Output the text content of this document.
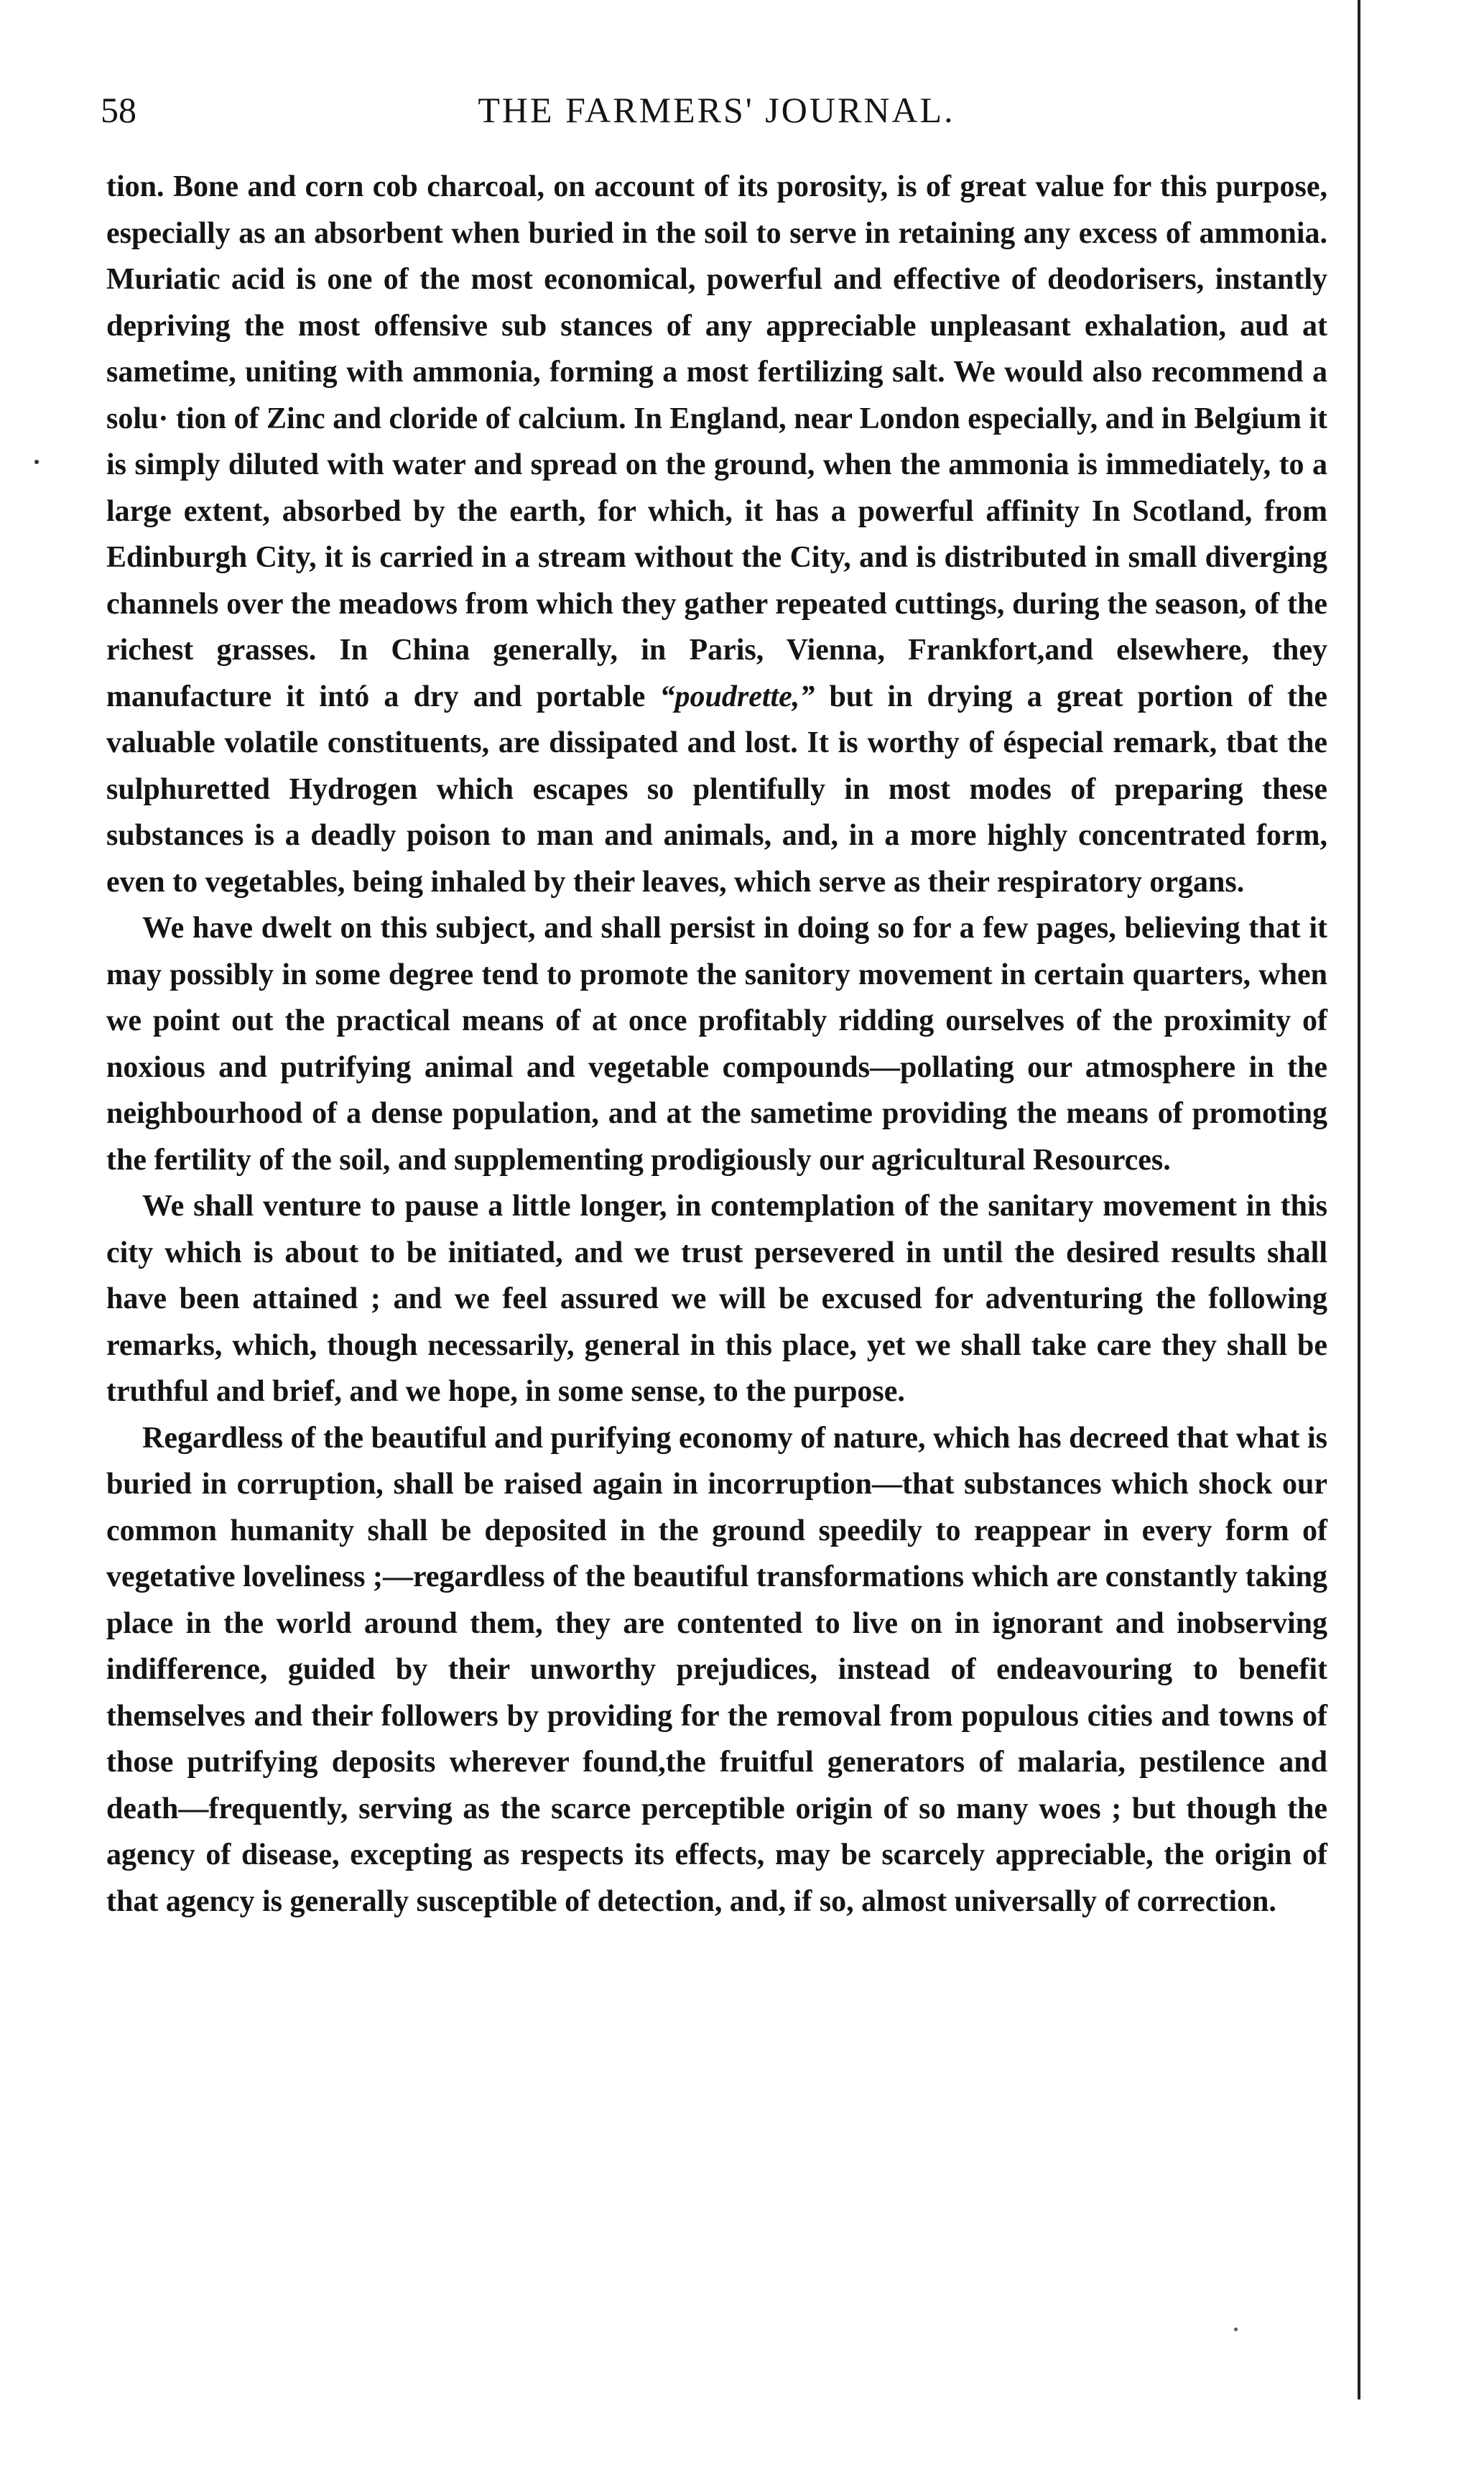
58	THE FARMERS' JOURNAL.

tion. Bone and corn cob charcoal, on account of its porosity, is of great value for this purpose, especially as an absorbent when buried in the soil to serve in retaining any excess of ammonia. Muriatic acid is one of the most economical, powerful and effective of deodorisers, instantly depriving the most offensive sub stances of any appreciable unpleasant exhalation, aud at sametime, uniting with ammonia, forming a most fertilizing salt. We would also recommend a solu· tion of Zinc and cloride of calcium. In England, near London especially, and in Belgium it is simply diluted with water and spread on the ground, when the ammonia is immediately, to a large extent, absorbed by the earth, for which, it has a powerful affinity In Scotland, from Edinburgh City, it is carried in a stream without the City, and is distributed in small diverging channels over the meadows from which they gather repeated cuttings, during the season, of the richest grasses. In China generally, in Paris, Vienna, Frankfort,and elsewhere, they manufacture it intó a dry and portable “poudrette,” but in drying a great portion of the valuable volatile constituents, are dissipated and lost. It is worthy of éspecial remark, tbat the sulphuretted Hydrogen which escapes so plentifully in most modes of preparing these substances is a deadly poison to man and animals, and, in a more highly concentrated form, even to vegetables, being inhaled by their leaves, which serve as their respiratory organs.

We have dwelt on this subject, and shall persist in doing so for a few pages, believing that it may possibly in some degree tend to promote the sanitory movement in certain quarters, when we point out the practical means of at once profitably ridding ourselves of the proximity of noxious and putrifying animal and vegetable compounds—pollating our atmosphere in the neighbourhood of a dense population, and at the sametime providing the means of promoting the fertility of the soil, and supplementing prodigiously our agricultural Resources.

We shall venture to pause a little longer, in contemplation of the sanitary movement in this city which is about to be initiated, and we trust persevered in until the desired results shall have been attained ; and we feel assured we will be excused for adventuring the following remarks, which, though necessarily, general in this place, yet we shall take care they shall be truthful and brief, and we hope, in some sense, to the purpose.

Regardless of the beautiful and purifying economy of nature, which has decreed that what is buried in corruption, shall be raised again in incorruption—that substances which shock our common humanity shall be deposited in the ground speedily to reappear in every form of vegetative loveliness ;—regardless of the beautiful transformations which are constantly taking place in the world around them, they are contented to live on in ignorant and inobserving indifference, guided by their unworthy prejudices, instead of endeavouring to benefit themselves and their followers by providing for the removal from populous cities and towns of those putrifying deposits wherever found,the fruitful generators of malaria, pestilence and death—frequently, serving as the scarce perceptible origin of so many woes ; but though the agency of disease, excepting as respects its effects, may be scarcely appreciable, the origin of that agency is generally susceptible of detection, and, if so, almost universally of correction.
